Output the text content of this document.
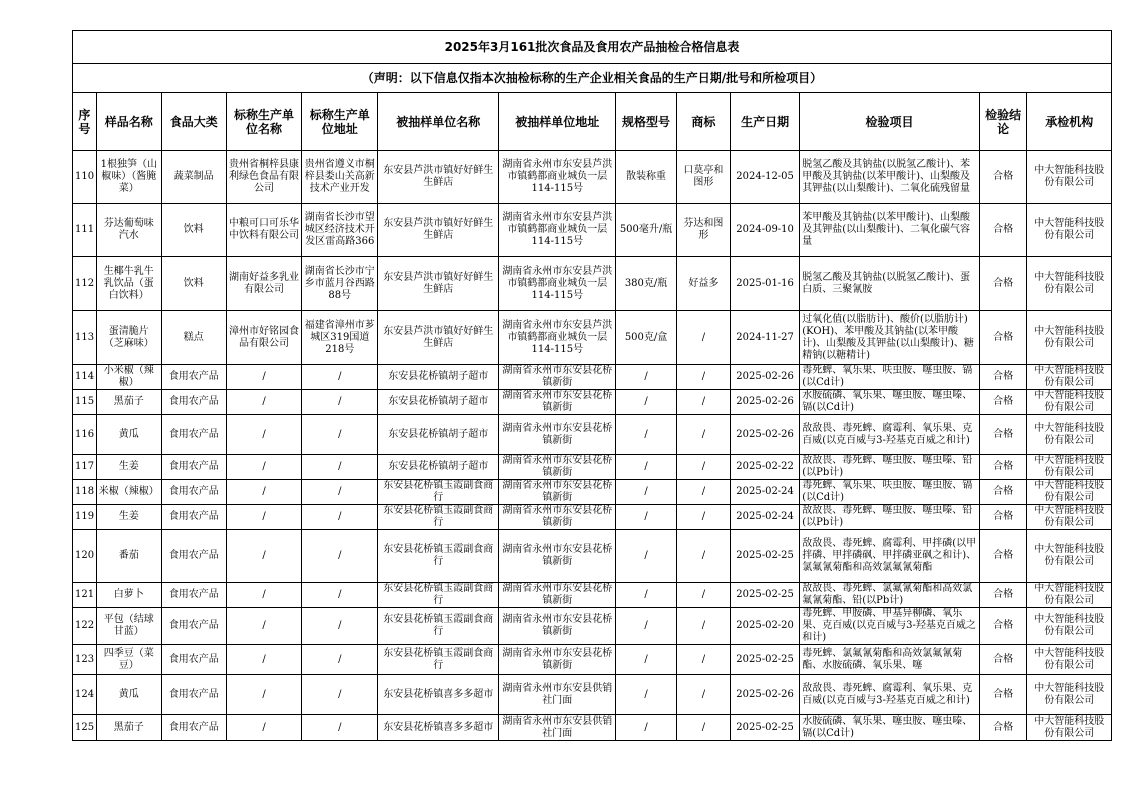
2025年3月161批次食品及食用农产品抽检合格信息表												
（声明：以下信息仅指本次抽检标称的生产企业相关食品的生产日期/批号和所检项目）												
序号	样品名称	食品大类	标称生产单位名称	标称生产单位地址	被抽样单位名称	被抽样单位地址	规格型号	商标	生产日期	检验项目	检验结论	承检机构
110	1根独笋（山椒味）（酱腌菜）	蔬菜制品	贵州省桐梓县康利绿色食品有限公司	贵州省遵义市桐梓县娄山关高新技术产业开发	东安县芦洪市镇好好鲜生生鲜店	湖南省永州市东安县芦洪市镇鹤都商业城负一层114-115号	散装称重	口莫亭和图形	2024-12-05	脱氢乙酸及其钠盐(以脱氢乙酸计)、苯甲酸及其钠盐(以苯甲酸计)、山梨酸及其钾盐(以山梨酸计)、二氧化硫残留量	合格	中大智能科技股份有限公司
111	芬达葡萄味汽水	饮料	中粮可口可乐华中饮料有限公司	湖南省长沙市望城区经济技术开发区雷高路366	东安县芦洪市镇好好鲜生生鲜店	湖南省永州市东安县芦洪市镇鹤都商业城负一层114-115号	500毫升/瓶	芬达和图形	2024-09-10	苯甲酸及其钠盐(以苯甲酸计)、山梨酸及其钾盐(以山梨酸计)、二氧化碳气容量	合格	中大智能科技股份有限公司
112	生椰牛乳牛乳饮品（蛋白饮料）	饮料	湖南好益多乳业有限公司	湖南省长沙市宁乡市蓝月谷西路88号	东安县芦洪市镇好好鲜生生鲜店	湖南省永州市东安县芦洪市镇鹤都商业城负一层114-115号	380克/瓶	好益多	2025-01-16	脱氢乙酸及其钠盐(以脱氢乙酸计)、蛋白质、三聚氰胺	合格	中大智能科技股份有限公司
113	蛋清脆片（芝麻味）	糕点	漳州市好铭园食品有限公司	福建省漳州市芗城区319国道218号	东安县芦洪市镇好好鲜生生鲜店	湖南省永州市东安县芦洪市镇鹤都商业城负一层114-115号	500克/盒	/	2024-11-27	过氧化值(以脂肪计)、酸价(以脂肪计)(KOH)、苯甲酸及其钠盐(以苯甲酸计)、山梨酸及其钾盐(以山梨酸计)、糖精钠(以糖精计)	合格	中大智能科技股份有限公司
114	小米椒（辣椒）	食用农产品	/	/	东安县花桥镇胡子超市	湖南省永州市东安县花桥镇新街	/	/	2025-02-26	毒死蜱、氧乐果、呋虫胺、噻虫胺、镉(以Cd计)	合格	中大智能科技股份有限公司
115	黑茄子	食用农产品	/	/	东安县花桥镇胡子超市	湖南省永州市东安县花桥镇新街	/	/	2025-02-26	水胺硫磷、氧乐果、噻虫胺、噻虫嗪、镉(以Cd计)	合格	中大智能科技股份有限公司
116	黄瓜	食用农产品	/	/	东安县花桥镇胡子超市	湖南省永州市东安县花桥镇新街	/	/	2025-02-26	敌敌畏、毒死蜱、腐霉利、氧乐果、克百威(以克百威与3-羟基克百威之和计)	合格	中大智能科技股份有限公司
117	生姜	食用农产品	/	/	东安县花桥镇胡子超市	湖南省永州市东安县花桥镇新街	/	/	2025-02-22	敌敌畏、毒死蜱、噻虫胺、噻虫嗪、铅(以Pb计)	合格	中大智能科技股份有限公司
118	米椒（辣椒）	食用农产品	/	/	东安县花桥镇玉霞副食商行	湖南省永州市东安县花桥镇新街	/	/	2025-02-24	毒死蜱、氧乐果、呋虫胺、噻虫胺、镉(以Cd计)	合格	中大智能科技股份有限公司
119	生姜	食用农产品	/	/	东安县花桥镇玉霞副食商行	湖南省永州市东安县花桥镇新街	/	/	2025-02-24	敌敌畏、毒死蜱、噻虫胺、噻虫嗪、铅(以Pb计)	合格	中大智能科技股份有限公司
120	番茄	食用农产品	/	/	东安县花桥镇玉霞副食商行	湖南省永州市东安县花桥镇新街	/	/	2025-02-25	敌敌畏、毒死蜱、腐霉利、甲拌磷(以甲拌磷、甲拌磷砜、甲拌磷亚砜之和计)、氯氟氰菊酯和高效氯氟氰菊酯	合格	中大智能科技股份有限公司
121	白萝卜	食用农产品	/	/	东安县花桥镇玉霞副食商行	湖南省永州市东安县花桥镇新街	/	/	2025-02-25	敌敌畏、毒死蜱、氯氟氰菊酯和高效氯氟氰菊酯、铅(以Pb计)	合格	中大智能科技股份有限公司
122	平包（结球甘蓝）	食用农产品	/	/	东安县花桥镇玉霞副食商行	湖南省永州市东安县花桥镇新街	/	/	2025-02-20	毒死蜱、甲胺磷、甲基异柳磷、氧乐果、克百威(以克百威与3-羟基克百威之和计)	合格	中大智能科技股份有限公司
123	四季豆（菜豆）	食用农产品	/	/	东安县花桥镇玉霞副食商行	湖南省永州市东安县花桥镇新街	/	/	2025-02-25	毒死蜱、氯氟氰菊酯和高效氯氟氰菊酯、水胺硫磷、氧乐果、噻	合格	中大智能科技股份有限公司
124	黄瓜	食用农产品	/	/	东安县花桥镇喜多多超市	湖南省永州市东安县供销社门面	/	/	2025-02-26	敌敌畏、毒死蜱、腐霉利、氧乐果、克百威(以克百威与3-羟基克百威之和计)	合格	中大智能科技股份有限公司
125	黑茄子	食用农产品	/	/	东安县花桥镇喜多多超市	湖南省永州市东安县供销社门面	/	/	2025-02-25	水胺硫磷、氧乐果、噻虫胺、噻虫嗪、镉(以Cd计)	合格	中大智能科技股份有限公司
